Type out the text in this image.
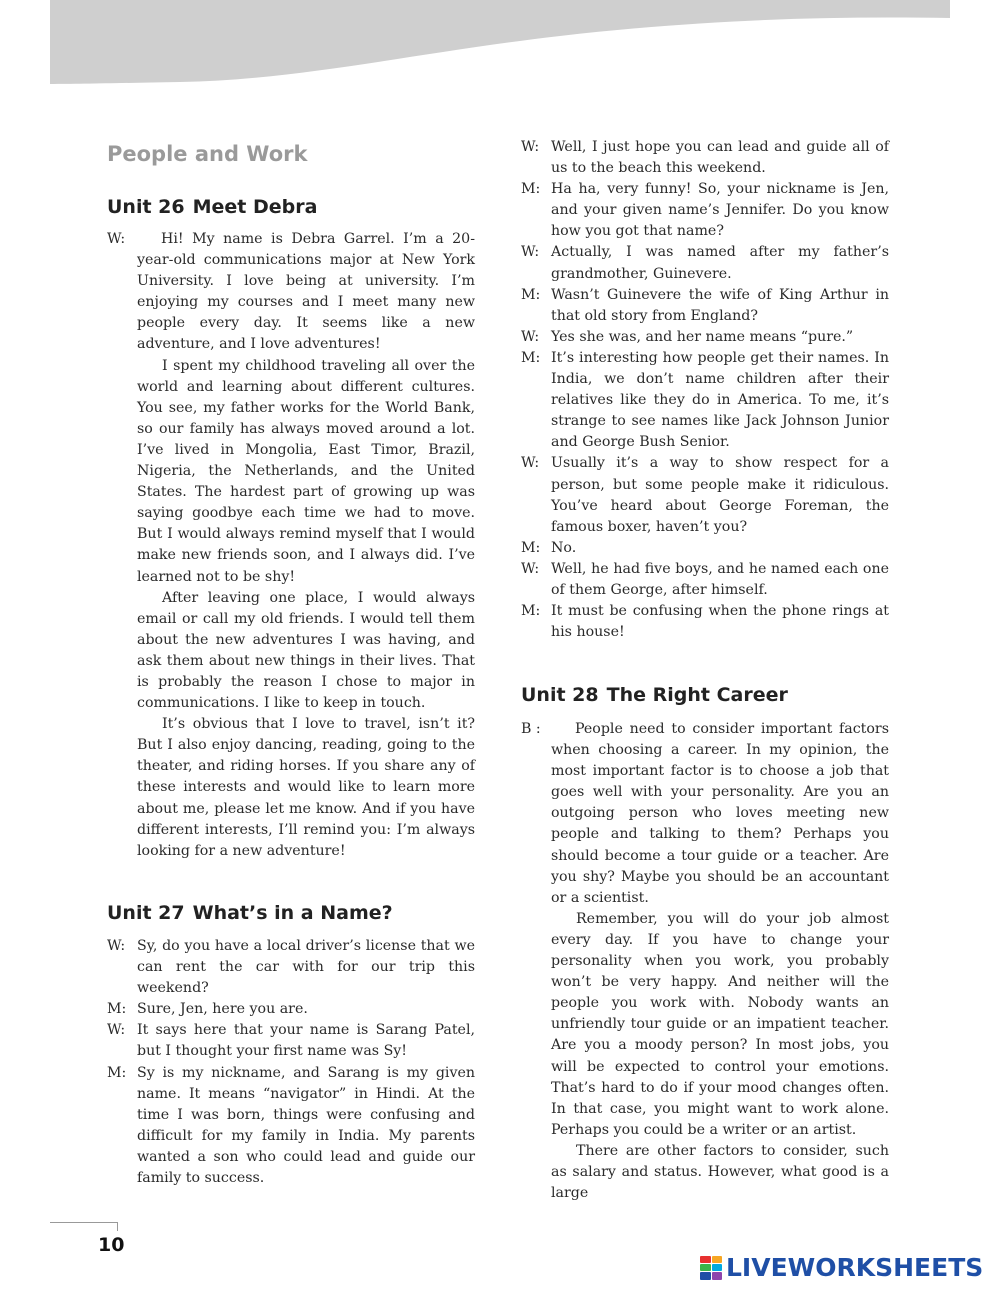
People and Work
Unit 26 Meet Debra
W:	Hi! My name is Debra Garrel. I’m a 20-year-old communications major at New York University. I love being at university. I’m enjoying my courses and I meet many new people every day. It seems like a new adventure, and I love adventures!

I spent my childhood traveling all over the world and learning about different cultures. You see, my father works for the World Bank, so our family has always moved around a lot. I’ve lived in Mongolia, East Timor, Brazil, Nigeria, the Netherlands, and the United States. The hardest part of growing up was saying goodbye each time we had to move. But I would always remind myself that I would make new friends soon, and I always did. I’ve learned not to be shy!

After leaving one place, I would always email or call my old friends. I would tell them about the new adventures I was having, and ask them about new things in their lives. That is probably the reason I chose to major in communications. I like to keep in touch.

It’s obvious that I love to travel, isn’t it? But I also enjoy dancing, reading, going to the theater, and riding horses. If you share any of these interests and would like to learn more about me, please let me know. And if you have different interests, I’ll remind you: I’m always looking for a new adventure!

Unit 27 What’s in a Name?
W: Sy, do you have a local driver’s license that we can rent the car with for our trip this weekend?

M: Sure, Jen, here you are.

W: It says here that your name is Sarang Patel, but I thought your first name was Sy!

M: Sy is my nickname, and Sarang is my given name. It means “navigator” in Hindi. At the time I was born, things were confusing and difficult for my family in India. My parents wanted a son who could lead and guide our family to success.

W: Well, I just hope you can lead and guide all of us to the beach this weekend.

M: Ha ha, very funny! So, your nickname is Jen, and your given name’s Jennifer. Do you know how you got that name?

W: Actually, I was named after my father’s grandmother, Guinevere.

M: Wasn’t Guinevere the wife of King Arthur in that old story from England?

W: Yes she was, and her name means “pure.”

M: It’s interesting how people get their names. In India, we don’t name children after their relatives like they do in America. To me, it’s strange to see names like Jack Johnson Junior and George Bush Senior.

W: Usually it’s a way to show respect for a person, but some people make it ridiculous. You’ve heard about George Foreman, the famous boxer, haven’t you?

M: No.

W: Well, he had five boys, and he named each one of them George, after himself.

M: It must be confusing when the phone rings at his house!

Unit 28 The Right Career
B :	People need to consider important factors when choosing a career. In my opinion, the most important factor is to choose a job that goes well with your personality. Are you an outgoing person who loves meeting new people and talking to them? Perhaps you should become a tour guide or a teacher. Are you shy? Maybe you should be an accountant or a scientist.

Remember, you will do your job almost every day. If you have to change your personality when you work, you probably won’t be very happy. And neither will the people you work with. Nobody wants an unfriendly tour guide or an impatient teacher. Are you a moody person? In most jobs, you will be expected to control your emotions. That’s hard to do if your mood changes often. In that case, you might want to work alone. Perhaps you could be a writer or an artist.

There are other factors to consider, such as salary and status. However, what good is a large

10
LIVEWORKSHEETS
